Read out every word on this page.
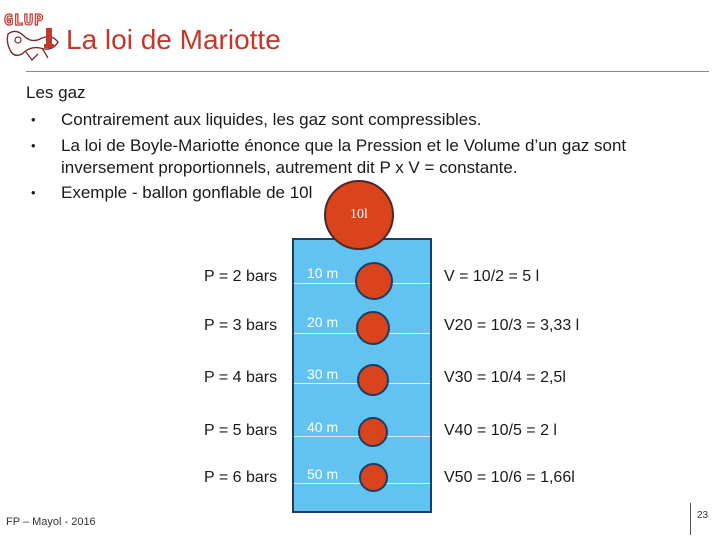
GLUP
La loi de Mariotte
Les gaz
• Contrairement aux liquides, les gaz sont compressibles.
• La loi de Boyle-Mariotte énonce que la Pression et le Volume d’un gaz sont
inversement proportionnels, autrement dit P x V = constante.
• Exemple - ballon gonflable de 10l
10 m
20 m
30 m
40 m
50 m
10l
P = 2 bars
P = 3 bars
P = 4 bars
P = 5 bars
P = 6 bars
V = 10/2 = 5 l
V20 = 10/3 = 3,33 l
V30 = 10/4 = 2,5l
V40 = 10/5 = 2 l
V50 = 10/6 = 1,66l
FP – Mayol - 2016
23
